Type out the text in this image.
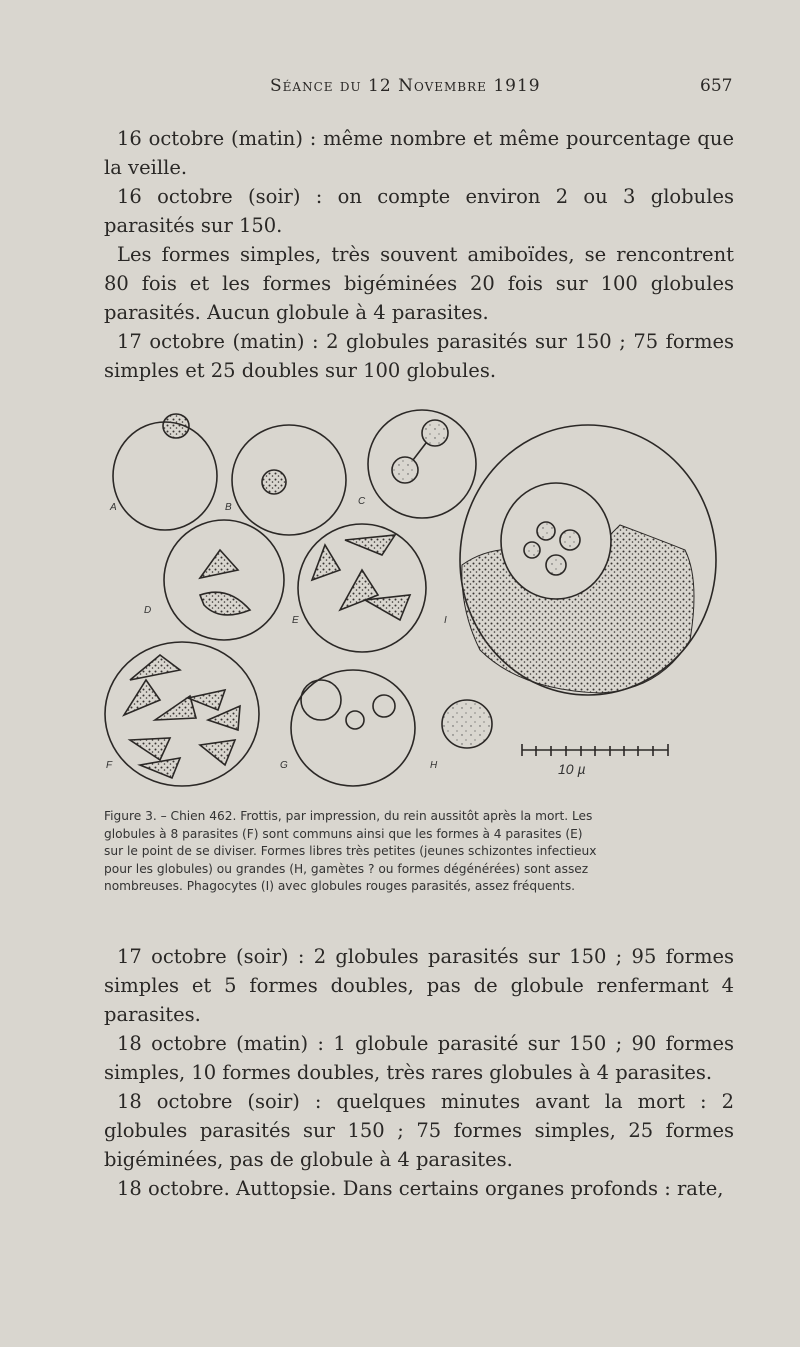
Séance du 12 Novembre 1919	657

16 octobre (matin) : même nombre et même pourcentage que la veille.

16 octobre (soir) : on compte environ 2 ou 3 globules parasités sur 150.

Les formes simples, très souvent amiboïdes, se rencontrent 80 fois et les formes bigéminées 20 fois sur 100 globules parasités. Aucun globule à 4 parasites.

17 octobre (matin) : 2 globules parasités sur 150 ; 75 formes simples et 25 doubles sur 100 globules.

A	B
C
D
E	I
F	G	H	10 µ
Figure 3. – Chien 462. Frottis, par impression, du rein aussitôt après la mort. Les
globules à 8 parasites (F) sont communs ainsi que les formes à 4 parasites (E)
sur le point de se diviser. Formes libres très petites (jeunes schizontes infectieux
pour les globules) ou grandes (H, gamètes ? ou formes dégénérées) sont assez
nombreuses. Phagocytes (I) avec globules rouges parasités, assez fréquents.

17 octobre (soir) : 2 globules parasités sur 150 ; 95 formes simples et 5 formes doubles, pas de globule renfermant 4 parasites.

18 octobre (matin) : 1 globule parasité sur 150 ; 90 formes simples, 10 formes doubles, très rares globules à 4 parasites.

18 octobre (soir) : quelques minutes avant la mort : 2 globules parasités sur 150 ; 75 formes simples, 25 formes bigéminées, pas de globule à 4 parasites.

18 octobre. Auttopsie. Dans certains organes profonds : rate,
